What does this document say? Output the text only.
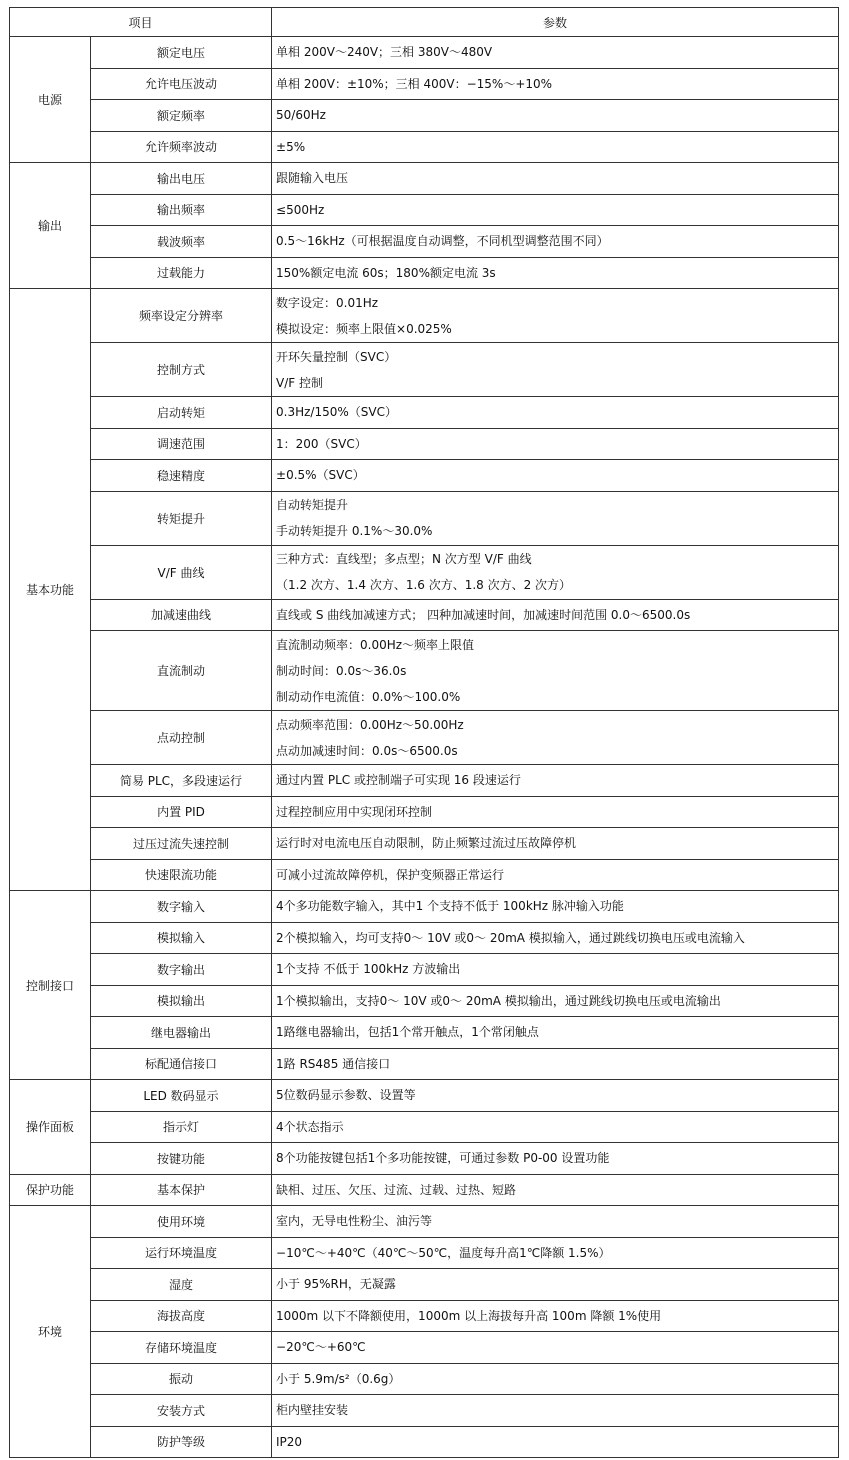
项目		参数
电源	额定电压	单相 200V～240V；三相 380V～480V

	允许电压波动	单相 200V：±10%；三相 400V：−15%～+10%

	额定频率	50/60Hz

	允许频率波动	±5%

输出	输出电压	跟随输入电压

	输出频率	≤500Hz

	载波频率	0.5～16kHz（可根据温度自动调整，不同机型调整范围不同）

	过载能力	150%额定电流 60s；180%额定电流 3s

基本功能	频率设定分辨率	数字设定：0.01Hz
模拟设定：频率上限值×0.025%

	控制方式	开环矢量控制（SVC）
V/F 控制

	启动转矩	0.3Hz/150%（SVC）

	调速范围	1：200（SVC）

	稳速精度	±0.5%（SVC）

	转矩提升	自动转矩提升
手动转矩提升 0.1%～30.0%

	V/F 曲线	三种方式：直线型；多点型；N 次方型 V/F 曲线
（1.2 次方、1.4 次方、1.6 次方、1.8 次方、2 次方）

	加减速曲线	直线或 S 曲线加减速方式； 四种加减速时间，加减速时间范围 0.0～6500.0s

	直流制动	直流制动频率：0.00Hz～频率上限值
制动时间：0.0s～36.0s
制动动作电流值：0.0%～100.0%

	点动控制	点动频率范围：0.00Hz～50.00Hz
点动加减速时间：0.0s～6500.0s

	简易 PLC，多段速运行	通过内置 PLC 或控制端子可实现 16 段速运行

	内置 PID	过程控制应用中实现闭环控制

	过压过流失速控制	运行时对电流电压自动限制，防止频繁过流过压故障停机

	快速限流功能	可减小过流故障停机，保护变频器正常运行

控制接口	数字输入	4个多功能数字输入，其中1 个支持不低于 100kHz 脉冲输入功能

	模拟输入	2个模拟输入，均可支持0～ 10V 或0～ 20mA 模拟输入，通过跳线切换电压或电流输入

	数字输出	1个支持 不低于 100kHz 方波输出

	模拟输出	1个模拟输出，支持0～ 10V 或0～ 20mA 模拟输出，通过跳线切换电压或电流输出

	继电器输出	1路继电器输出，包括1个常开触点，1个常闭触点

	标配通信接口	1路 RS485 通信接口

操作面板	LED 数码显示	5位数码显示参数、设置等

	指示灯	4个状态指示

	按键功能	8个功能按键包括1个多功能按键，可通过参数 P0-00 设置功能

保护功能	基本保护	缺相、过压、欠压、过流、过载、过热、短路

环境	使用环境	室内，无导电性粉尘、油污等

	运行环境温度	−10℃～+40℃（40℃～50℃，温度每升高1℃降额 1.5%）

	湿度	小于 95%RH，无凝露

	海拔高度	1000m 以下不降额使用，1000m 以上海拔每升高 100m 降额 1%使用

	存储环境温度	−20℃～+60℃

	振动	小于 5.9m/s²（0.6g）

	安装方式	柜内壁挂安装

	防护等级	IP20
